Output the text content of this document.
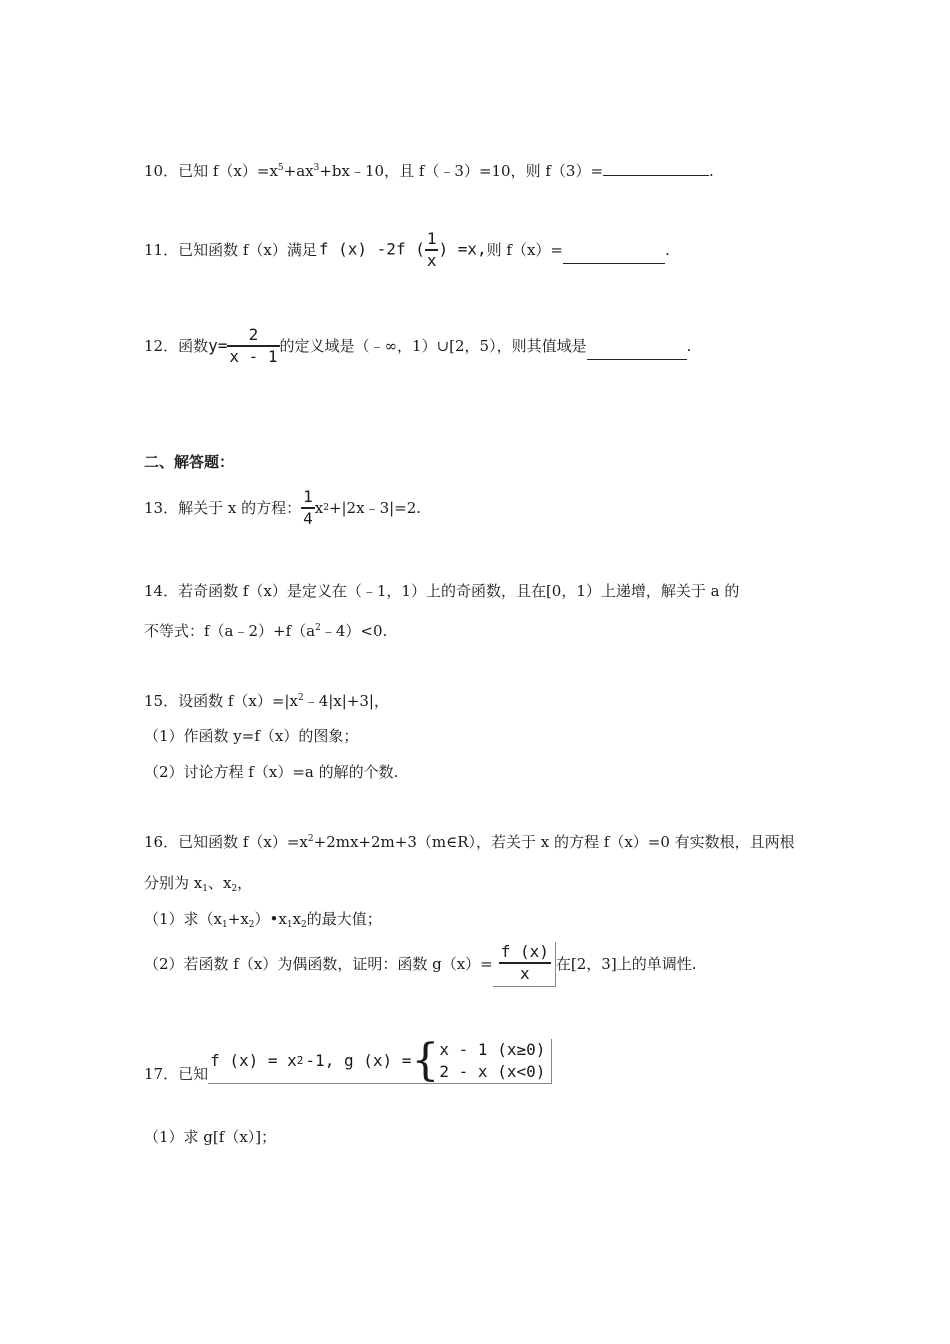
10．已知 $f(x)=x^5+ax^3+bx﹣10$，且 f（﹣3）=10，则 f（3）=	.
11． 已知函数 f（x）满足 f (x) -2f ( $\frac{1}{x}$ ) =x, 则 f（x）=	.
12． 函数 $y= \frac{2}{x - 1}$ 的定义域是（﹣∞，1）∪[2，5），则其值域是	.
二、解答题：
13． 解关于 x 的方程： $\frac{1}{4}$ x 2 +|2x﹣3|=2.
14．若奇函数 f（x）是定义在（﹣1，1）上的奇函数，且在[0，1）上递增，解关于 a 的
不等式：$f(a﹣2)+f(a^2﹣4)<0$.
15．设函数 $f(x)=|x^2﹣4|x|+3|$，
（1）作函数 y=f（x）的图象；
（2）讨论方程 f（x）=a 的解的个数.
16．已知函数 $f(x)=x^2+2mx+2m+3(m\in R)$，若关于 x 的方程 f（x）=0 有实数根，且两根
分别为 $x_1$、$x_2$，
（1）求$(x_1+x_2)•x_1x_2$的最大值；
（2）若函数 f（x）为偶函数，证明：函数 $g(x)= \frac{f (x)}{x}$ 在[2，3]上的单调性.
17．已知
f (x) = x 2 -1, g (x) = { x - 1 (x≥0)
2 - x (x<0)
（1）求 g[f（x）]；
